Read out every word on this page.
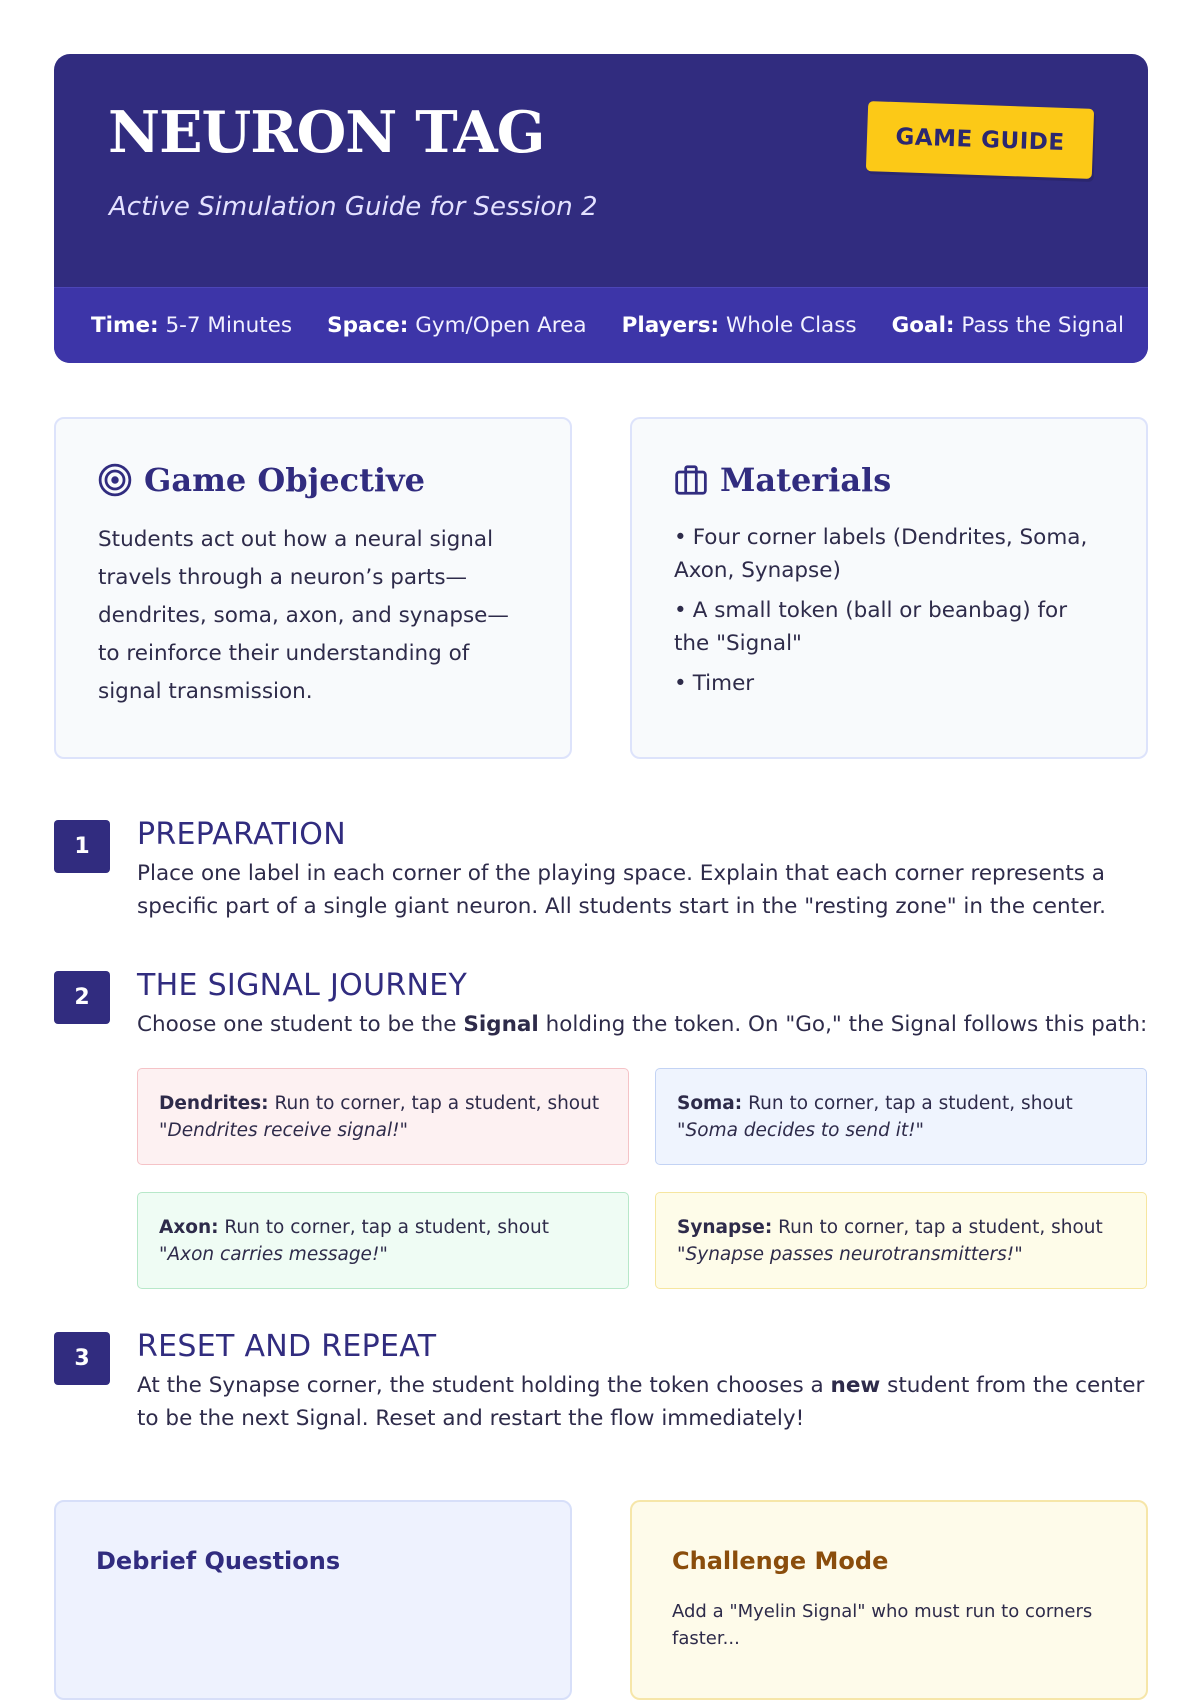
NEURON TAG

Active Simulation Guide for Session 2

GAME GUIDE
Time: 5-7 Minutes Space: Gym/Open Area Players: Whole Class Goal: Pass the Signal
Game Objective

Students act out how a neural signal travels through a neuron’s parts—dendrites, soma, axon, and synapse—to reinforce their understanding of signal transmission.

Materials
• Four corner labels (Dendrites, Soma, Axon, Synapse)
• A small token (ball or beanbag) for the "Signal"
• Timer
1	PREPARATION

Place one label in each corner of the playing space. Explain that each corner represents a specific part of a single giant neuron. All students start in the "resting zone" in the center.

2	THE SIGNAL JOURNEY

Choose one student to be the Signal holding the token. On "Go," the Signal follows this path:

Dendrites: Run to corner, tap a student, shout "Dendrites receive signal!"
Soma: Run to corner, tap a student, shout "Soma decides to send it!"
Axon: Run to corner, tap a student, shout "Axon carries message!"
Synapse: Run to corner, tap a student, shout "Synapse passes neurotransmitters!"
3	RESET AND REPEAT

At the Synapse corner, the student holding the token chooses a new student from the center to be the next Signal. Reset and restart the flow immediately!

Debrief Questions	Challenge Mode

Add a "Myelin Signal" who must run to corners faster...
